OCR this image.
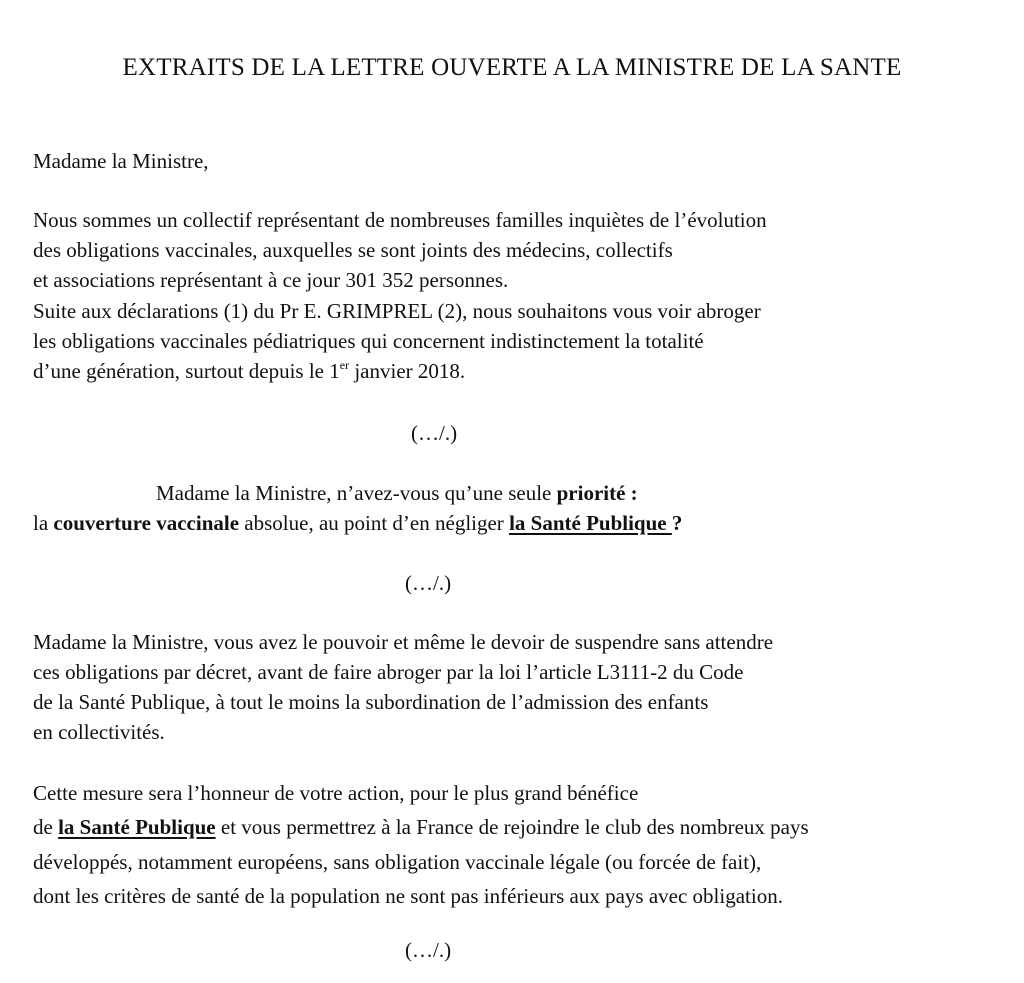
EXTRAITS DE LA LETTRE OUVERTE A LA MINISTRE DE LA SANTE

Madame la Ministre,

Nous sommes un collectif représentant de nombreuses familles inquiètes de l’évolution

des obligations vaccinales, auxquelles se sont joints des médecins, collectifs

et associations représentant à ce jour 301 352 personnes.

Suite aux déclarations (1) du Pr E. GRIMPREL (2), nous souhaitons vous voir abroger

les obligations vaccinales pédiatriques qui concernent indistinctement la totalité

d’une génération, surtout depuis le 1er janvier 2018.

(…/.)

Madame la Ministre, n’avez-vous qu’une seule priorité :

la couverture vaccinale absolue, au point d’en négliger la Santé Publique ?

(…/.)

Madame la Ministre, vous avez le pouvoir et même le devoir de suspendre sans attendre

ces obligations par décret, avant de faire abroger par la loi l’article L3111-2 du Code

de la Santé Publique, à tout le moins la subordination de l’admission des enfants

en collectivités.

Cette mesure sera l’honneur de votre action, pour le plus grand bénéfice

de la Santé Publique et vous permettrez à la France de rejoindre le club des nombreux pays

développés, notamment européens, sans obligation vaccinale légale (ou forcée de fait),

dont les critères de santé de la population ne sont pas inférieurs aux pays avec obligation.

(…/.)
